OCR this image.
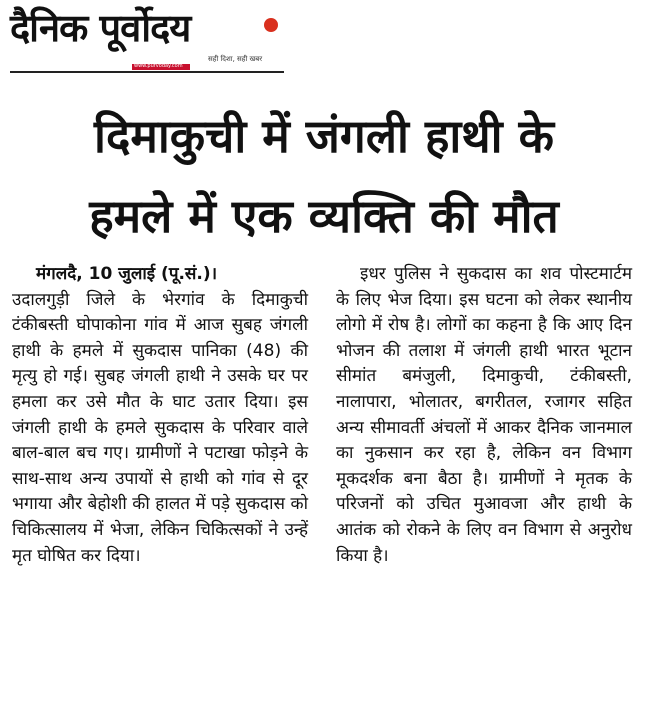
दैनिक पूर्वोदय
www.purvoday.com
सही दिशा, सही खबर
दिमाकुची में जंगली हाथी के
हमले में एक व्यक्ति की मौत
मंगलदै, 10 जुलाई (पू.सं.)।

उदालगुड़ी जिले के भेरगांव के दिमाकुची टंकीबस्ती घोपाकोना गांव में आज सुबह जंगली हाथी के हमले में सुकदास पानिका (48) की मृत्यु हो गई। सुबह जंगली हाथी ने उसके घर पर हमला कर उसे मौत के घाट उतार दिया। इस जंगली हाथी के हमले सुकदास के परिवार वाले बाल-बाल बच गए। ग्रामीणों ने पटाखा फोड़ने के साथ-साथ अन्य उपायों से हाथी को गांव से दूर भगाया और बेहोशी की हालत में पड़े सुकदास को चिकित्सालय में भेजा, लेकिन चिकित्सकों ने उन्हें मृत घोषित कर दिया।

इधर पुलिस ने सुकदास का शव पोस्टमार्टम के लिए भेज दिया। इस घटना को लेकर स्थानीय लोगो में रोष है। लोगों का कहना है कि आए दिन भोजन की तलाश में जंगली हाथी भारत भूटान सीमांत बमंजुली, दिमाकुची, टंकीबस्ती, नालापारा, भोलातर, बगरीतल, रजागर सहित अन्य सीमावर्ती अंचलों में आकर दैनिक जानमाल का नुकसान कर रहा है, लेकिन वन विभाग मूकदर्शक बना बैठा है। ग्रामीणों ने मृतक के परिजनों को उचित मुआवजा और हाथी के आतंक को रोकने के लिए वन विभाग से अनुरोध किया है।
